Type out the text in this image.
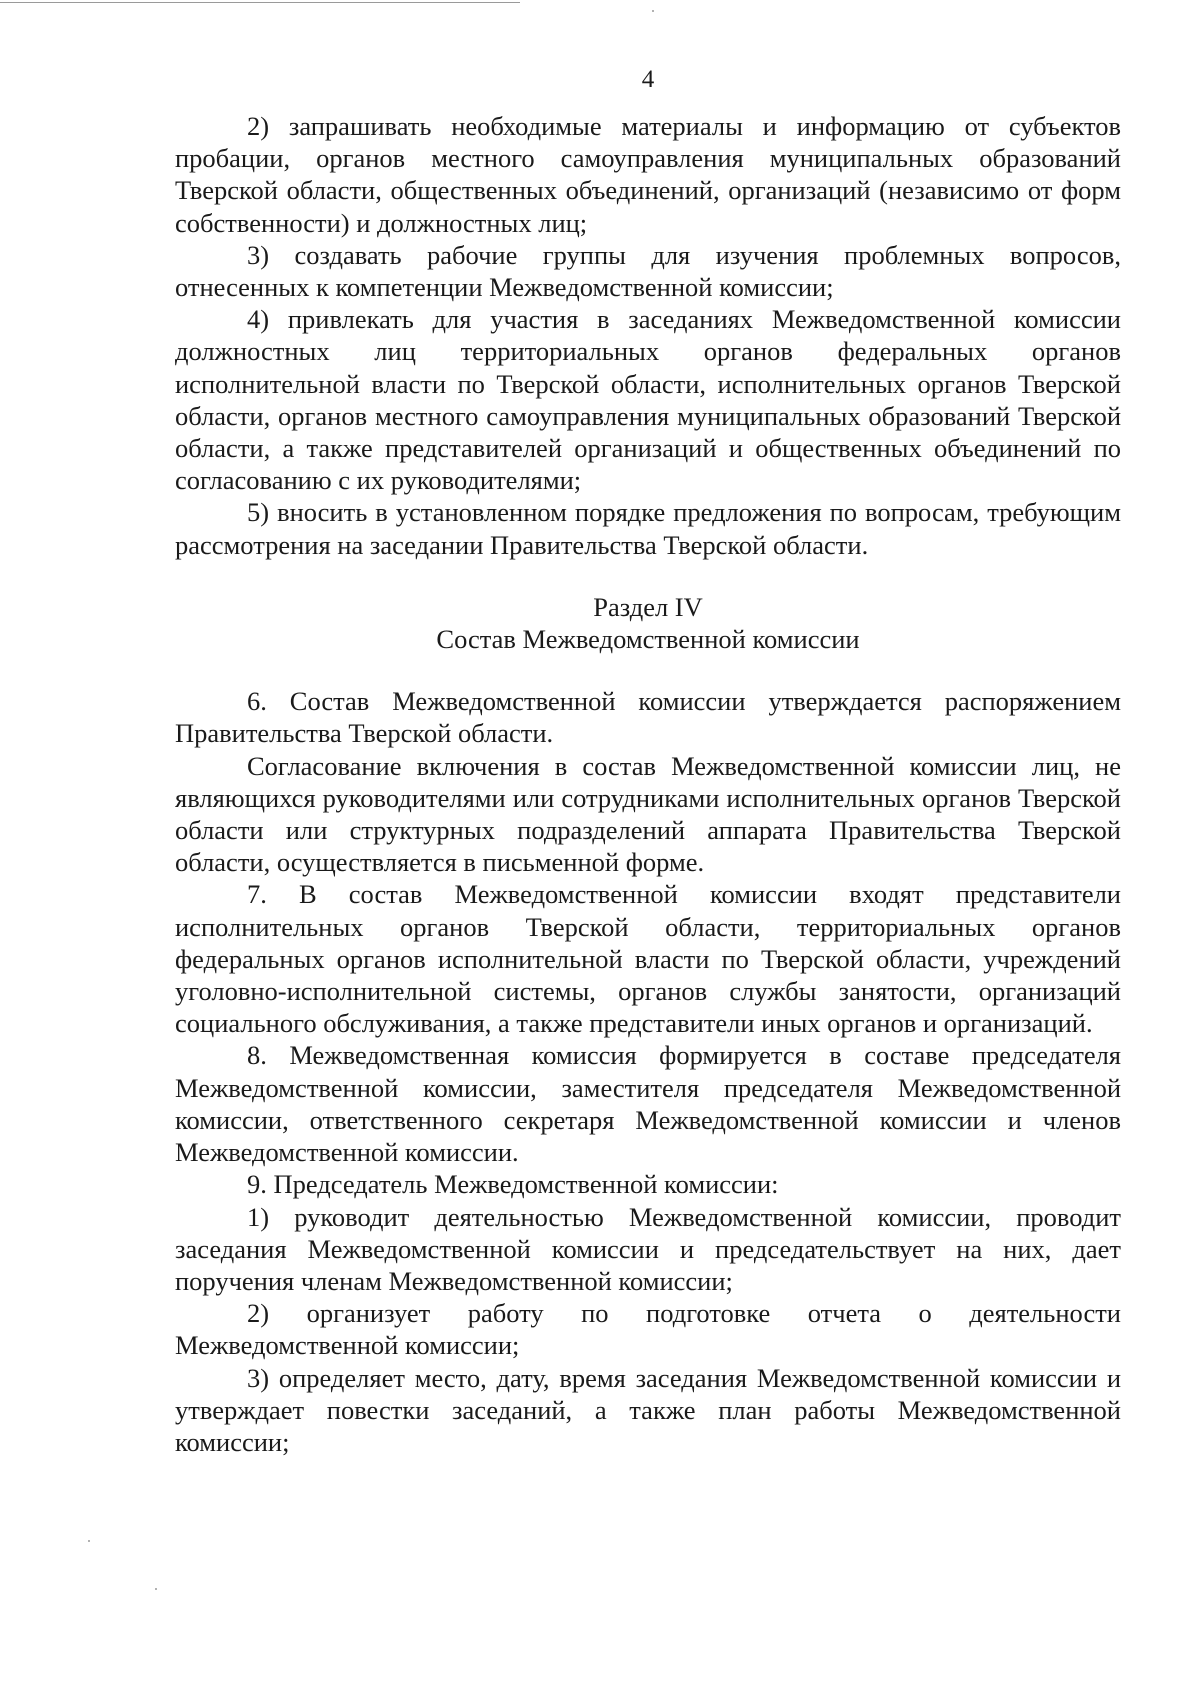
4

2) запрашивать необходимые материалы и информацию от субъектов пробации, органов местного самоуправления муниципальных образований Тверской области, общественных объединений, организаций (независимо от форм собственности) и должностных лиц;

3) создавать рабочие группы для изучения проблемных вопросов, отнесенных к компетенции Межведомственной комиссии;

4) привлекать для участия в заседаниях Межведомственной комиссии должностных лиц территориальных органов федеральных органов исполнительной власти по Тверской области, исполнительных органов Тверской области, органов местного самоуправления муниципальных образований Тверской области, а также представителей организаций и общественных объединений по согласованию с их руководителями;

5) вносить в установленном порядке предложения по вопросам, требующим рассмотрения на заседании Правительства Тверской области.

Раздел IV
Состав Межведомственной комиссии

6. Состав Межведомственной комиссии утверждается распоряжением Правительства Тверской области.

Согласование включения в состав Межведомственной комиссии лиц, не являющихся руководителями или сотрудниками исполнительных органов Тверской области или структурных подразделений аппарата Правительства Тверской области, осуществляется в письменной форме.

7. В состав Межведомственной комиссии входят представители исполнительных органов Тверской области, территориальных органов федеральных органов исполнительной власти по Тверской области, учреждений уголовно-исполнительной системы, органов службы занятости, организаций социального обслуживания, а также представители иных органов и организаций.

8. Межведомственная комиссия формируется в составе председателя Межведомственной комиссии, заместителя председателя Межведомственной комиссии, ответственного секретаря Межведомственной комиссии и членов Межведомственной комиссии.

9. Председатель Межведомственной комиссии:

1) руководит деятельностью Межведомственной комиссии, проводит заседания Межведомственной комиссии и председательствует на них, дает поручения членам Межведомственной комиссии;

2) организует работу по подготовке отчета о деятельности Межведомственной комиссии;

3) определяет место, дату, время заседания Межведомственной комиссии и утверждает повестки заседаний, а также план работы Межведомственной комиссии;
